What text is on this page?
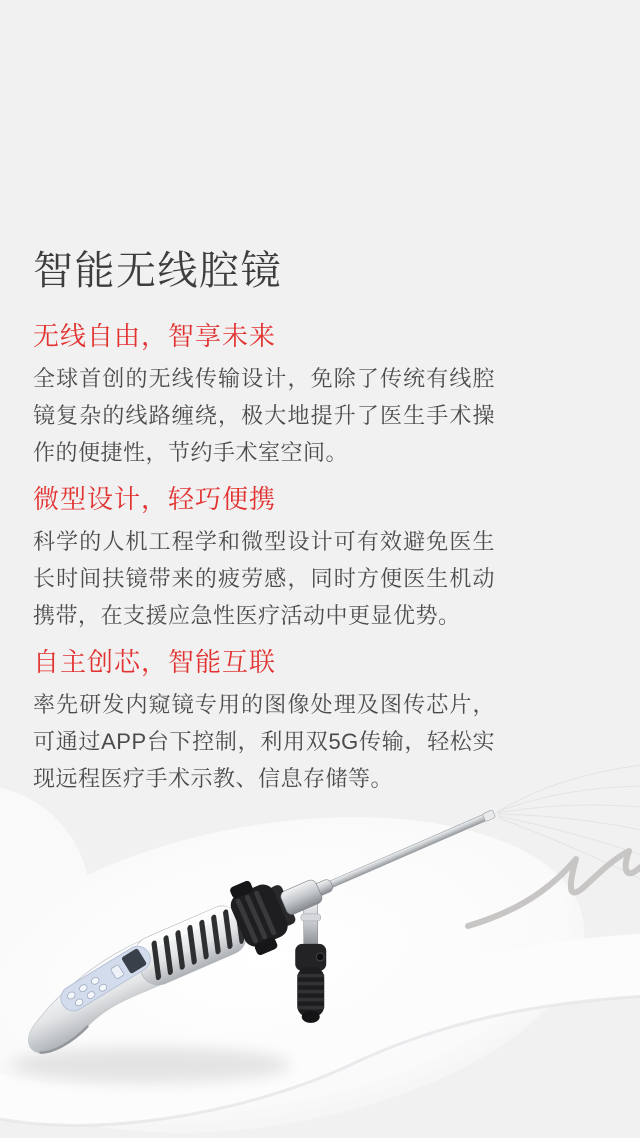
智能无线腔镜
无线自由，智享未来

全球首创的无线传输设计，免除了传统有线腔镜复杂的线路缠绕，极大地提升了医生手术操作的便捷性，节约手术室空间。

微型设计，轻巧便携

科学的人机工程学和微型设计可有效避免医生长时间扶镜带来的疲劳感，同时方便医生机动携带，在支援应急性医疗活动中更显优势。

自主创芯，智能互联

率先研发内窥镜专用的图像处理及图传芯片，可通过APP台下控制，利用双5G传输，轻松实现远程医疗手术示教、信息存储等。
